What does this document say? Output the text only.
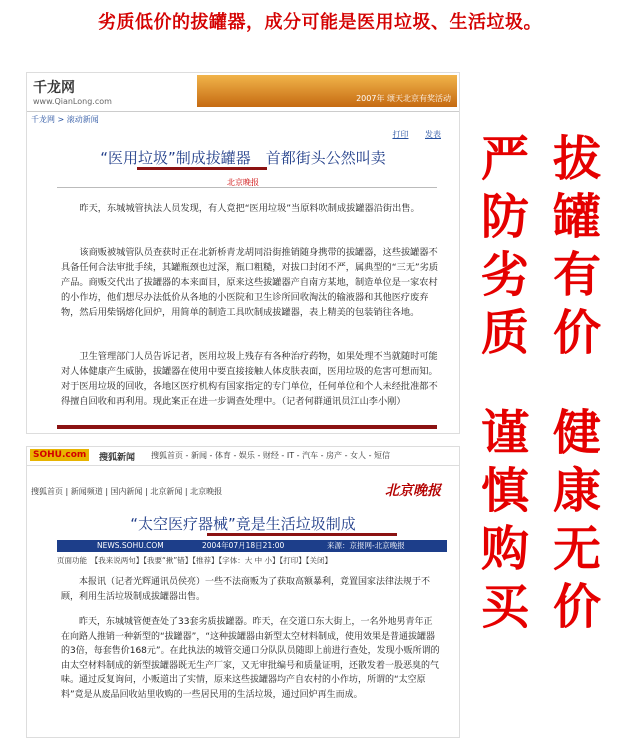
劣质低价的拔罐器，成分可能是医用垃圾、生活垃圾。
千龙网
www.QianLong.com	2007年 颂天北京有奖活动
千龙网 > 滚动新闻
打印 发表
“医用垃圾”制成拔罐器　首都街头公然叫卖
北京晚报
昨天，东城城管执法人员发现，有人竟把“医用垃圾”当原料吹制成拔罐器沿街出售。
该商贩被城管队员查获时正在北新桥青龙胡同沿街推销随身携带的拔罐器，这些拔罐器不具备任何合法审批手续，其罐瓶颈也过深，瓶口粗糙，对拔口封闭不严，属典型的“三无”劣质产品。商贩交代出了拔罐器的本来面目，原来这些拔罐器产自南方某地，制造单位是一家农村的小作坊，他们想尽办法低价从各地的小医院和卫生诊所回收淘汰的输液器和其他医疗废弃物，然后用柴锅熔化回炉，用简单的制造工具吹制成拔罐器，表上精美的包装销往各地。
卫生管理部门人员告诉记者，医用垃圾上残存有各种治疗药物，如果处理不当就随时可能对人体健康产生威胁，拔罐器在使用中要直接接触人体皮肤表面，医用垃圾的危害可想而知。对于医用垃圾的回收，各地区医疗机构有国家指定的专门单位，任何单位和个人未经批准都不得擅自回收和再利用。现此案正在进一步调查处理中。（记者何群通讯员江山李小刚）
SOHU.com	搜狐新闻 搜狐首页 - 新闻 - 体育 - 娱乐 - 财经 - IT - 汽车 - 房产 - 女人 - 短信
搜狐首页 | 新闻频道 | 国内新闻 | 北京新闻 | 北京晚报	北京晚报
“太空医疗器械”竟是生活垃圾制成
NEWS.SOHU.COM	2004年07月18日21:00	来源：京报网-北京晚报
页面功能　【我来说两句】【我要“揪”错】【推荐】【字体：大 中 小】【打印】【关闭】
本报讯（记者光辉通讯员侯亮）一些不法商贩为了获取高额暴利，竟置国家法律法规于不顾，利用生活垃圾制成拔罐器出售。
昨天，东城城管便查处了33套劣质拔罐器。昨天，在交道口东大街上，一名外地男青年正在向路人推销一种新型的“拔罐器”，“这种拔罐器由新型太空材料制成，使用效果是普通拔罐器的3倍，每套售价168元”。在此执法的城管交通口分队队员随即上前进行查处，发现小贩所谓的由太空材料制成的新型拔罐器既无生产厂家，又无审批编号和质量证明，还散发着一股恶臭的气味。通过反复询问，小贩道出了实情，原来这些拔罐器均产自农村的小作坊，所谓的“太空原料”竟是从废品回收站里收购的一些居民用的生活垃圾，通过回炉再生而成。
拔罐有价
严防劣质
健康无价
谨慎购买
